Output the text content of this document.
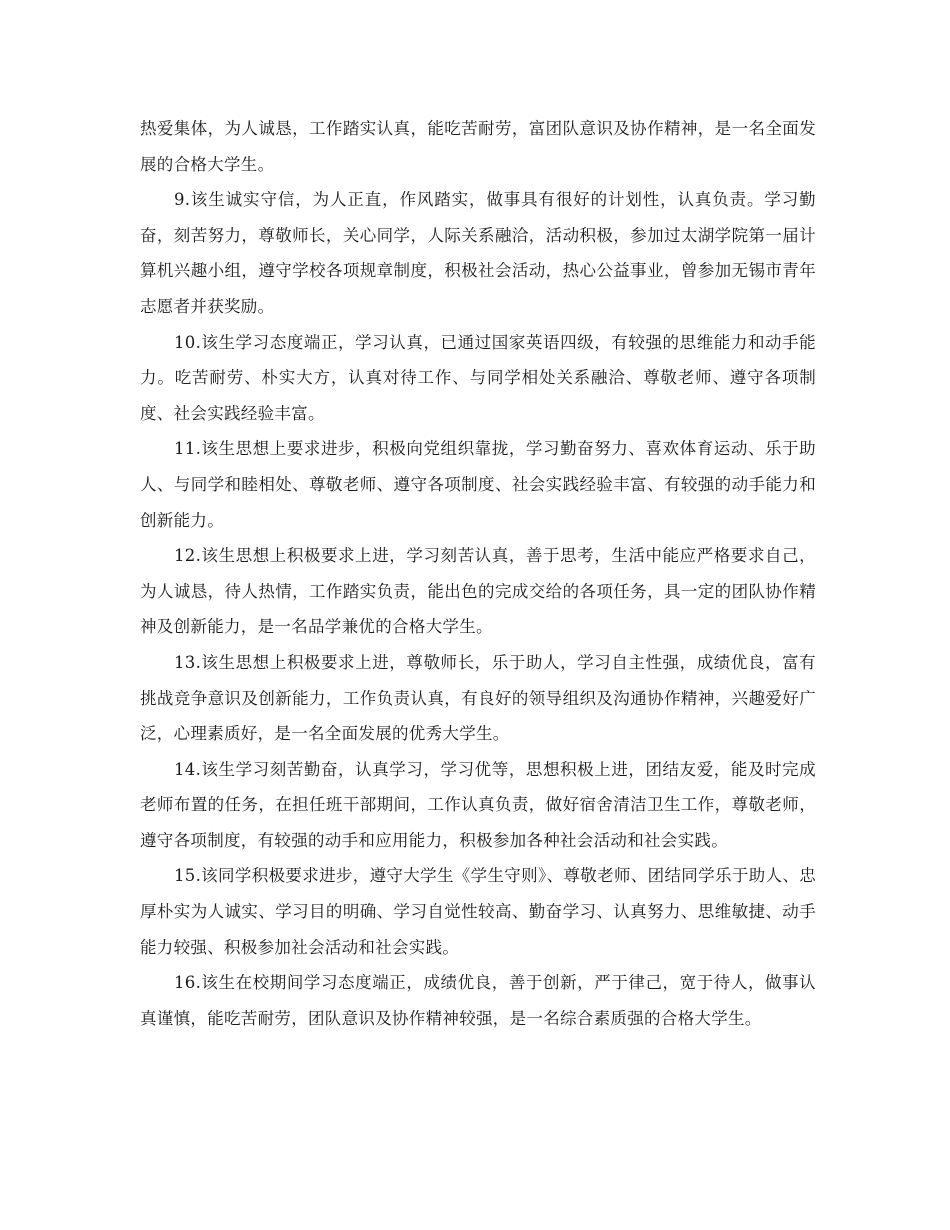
热爱集体，为人诚恳，工作踏实认真，能吃苦耐劳，富团队意识及协作精神，是一名全面发展的合格大学生。

9.该生诚实守信，为人正直，作风踏实，做事具有很好的计划性，认真负责。学习勤奋，刻苦努力，尊敬师长，关心同学，人际关系融洽，活动积极，参加过太湖学院第一届计算机兴趣小组，遵守学校各项规章制度，积极社会活动，热心公益事业，曾参加无锡市青年志愿者并获奖励。

10.该生学习态度端正，学习认真，已通过国家英语四级，有较强的思维能力和动手能力。吃苦耐劳、朴实大方，认真对待工作、与同学相处关系融洽、尊敬老师、遵守各项制度、社会实践经验丰富。

11.该生思想上要求进步，积极向党组织靠拢，学习勤奋努力、喜欢体育运动、乐于助人、与同学和睦相处、尊敬老师、遵守各项制度、社会实践经验丰富、有较强的动手能力和创新能力。

12.该生思想上积极要求上进，学习刻苦认真，善于思考，生活中能应严格要求自己，为人诚恳，待人热情，工作踏实负责，能出色的完成交给的各项任务，具一定的团队协作精神及创新能力，是一名品学兼优的合格大学生。

13.该生思想上积极要求上进，尊敬师长，乐于助人，学习自主性强，成绩优良，富有挑战竞争意识及创新能力，工作负责认真，有良好的领导组织及沟通协作精神，兴趣爱好广泛，心理素质好，是一名全面发展的优秀大学生。

14.该生学习刻苦勤奋，认真学习，学习优等，思想积极上进，团结友爱，能及时完成老师布置的任务，在担任班干部期间，工作认真负责，做好宿舍清洁卫生工作，尊敬老师，遵守各项制度，有较强的动手和应用能力，积极参加各种社会活动和社会实践。

15.该同学积极要求进步，遵守大学生《学生守则》、尊敬老师、团结同学乐于助人、忠厚朴实为人诚实、学习目的明确、学习自觉性较高、勤奋学习、认真努力、思维敏捷、动手能力较强、积极参加社会活动和社会实践。

16.该生在校期间学习态度端正，成绩优良，善于创新，严于律己，宽于待人，做事认真谨慎，能吃苦耐劳，团队意识及协作精神较强，是一名综合素质强的合格大学生。
